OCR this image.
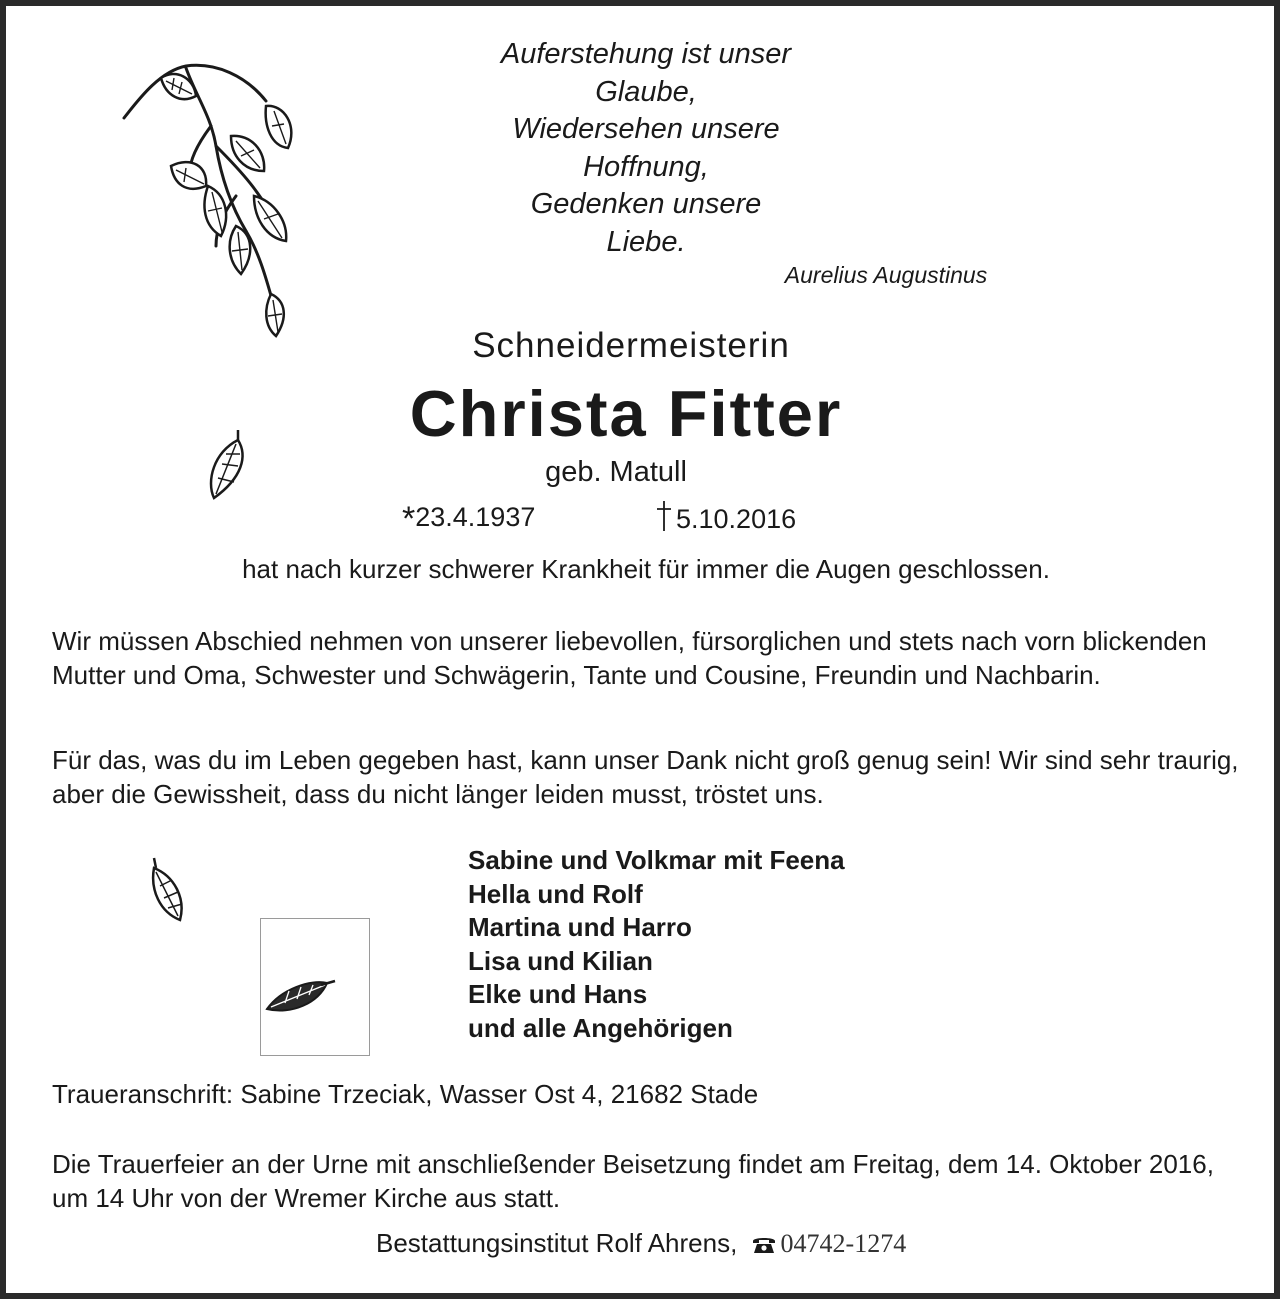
Auferstehung ist unser
Glaube,
Wiedersehen unsere
Hoffnung,
Gedenken unsere
Liebe.
Aurelius Augustinus
Schneidermeisterin
Christa Fitter
geb. Matull
*23.4.1937	5.10.2016
hat nach kurzer schwerer Krankheit für immer die Augen geschlossen.
Wir müssen Abschied nehmen von unserer liebevollen, fürsorglichen und stets nach vorn blickenden Mutter und Oma, Schwester und Schwägerin, Tante und Cousine, Freundin und Nachbarin.
Für das, was du im Leben gegeben hast, kann unser Dank nicht groß genug sein! Wir sind sehr traurig, aber die Gewissheit, dass du nicht länger leiden musst, tröstet uns.
Sabine und Volkmar mit Feena
Hella und Rolf
Martina und Harro
Lisa und Kilian
Elke und Hans
und alle Angehörigen
Traueranschrift: Sabine Trzeciak, Wasser Ost 4, 21682 Stade
Die Trauerfeier an der Urne mit anschließender Beisetzung findet am Freitag, dem 14. Oktober 2016, um 14 Uhr von der Wremer Kirche aus statt.
Bestattungsinstitut Rolf Ahrens, 04742-1274
